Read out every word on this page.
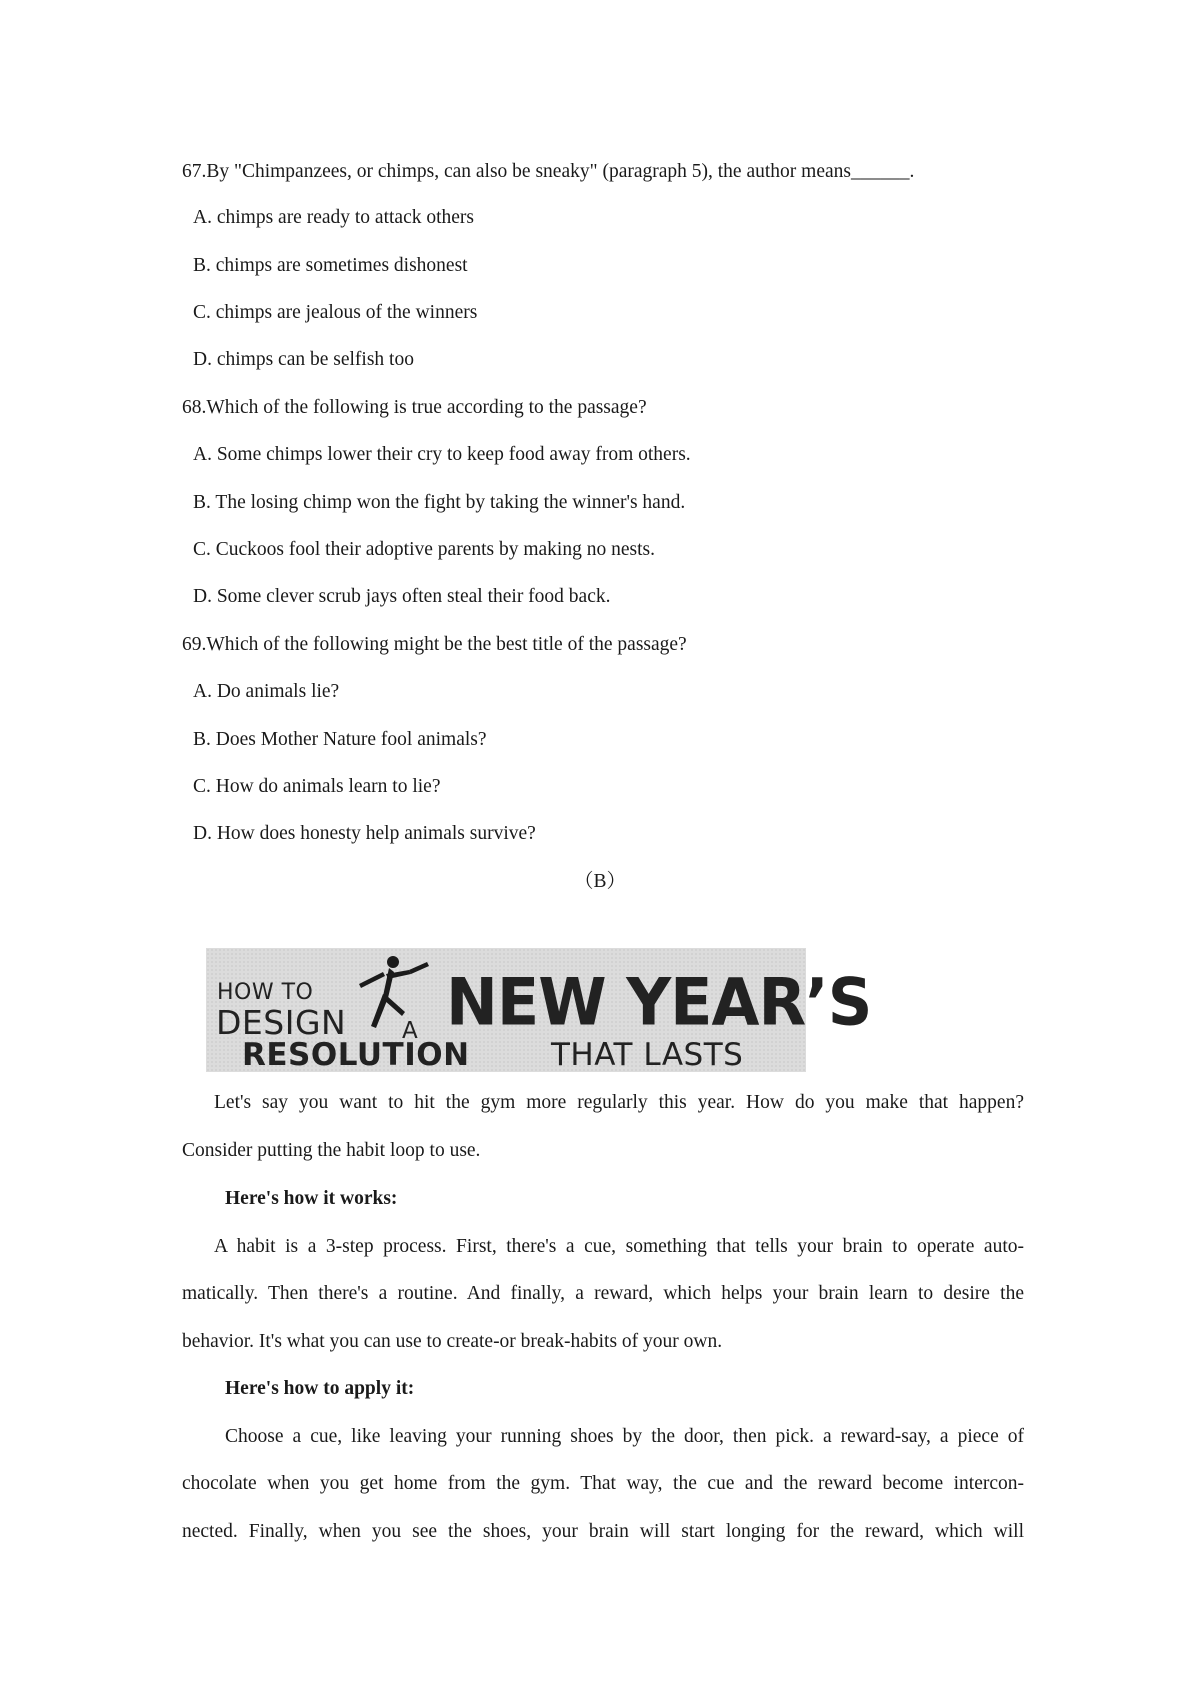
67.By "Chimpanzees, or chimps, can also be sneaky" (paragraph 5), the author means______.
A. chimps are ready to attack others
B. chimps are sometimes dishonest
C. chimps are jealous of the winners
D. chimps can be selfish too
68.Which of the following is true according to the passage?
A. Some chimps lower their cry to keep food away from others.
B. The losing chimp won the fight by taking the winner's hand.
C. Cuckoos fool their adoptive parents by making no nests.
D. Some clever scrub jays often steal their food back.
69.Which of the following might be the best title of the passage?
A. Do animals lie?
B. Does Mother Nature fool animals?
C. How do animals learn to lie?
D. How does honesty help animals survive?
（B）
HOW TO
DESIGN A NEW YEAR’S
RESOLUTION	THAT LASTS
Let's say you want to hit the gym more regularly this year. How do you make that happen?
Consider putting the habit loop to use.
Here's how it works:
A habit is a 3-step process. First, there's a cue, something that tells your brain to operate auto-
matically. Then there's a routine. And finally, a reward, which helps your brain learn to desire the
behavior. It's what you can use to create-or break-habits of your own.
Here's how to apply it:
Choose a cue, like leaving your running shoes by the door, then pick. a reward-say, a piece of
chocolate when you get home from the gym. That way, the cue and the reward become intercon-
nected. Finally, when you see the shoes, your brain will start longing for the reward, which will
